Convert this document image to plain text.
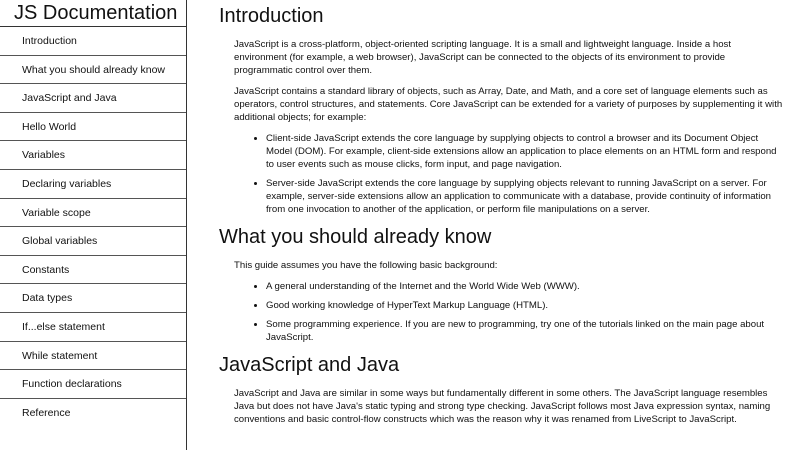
JS Documentation
Introduction
What you should already know
JavaScript and Java
Hello World
Variables
Declaring variables
Variable scope
Global variables
Constants
Data types
If...else statement
While statement
Function declarations
Reference
Introduction

JavaScript is a cross-platform, object-oriented scripting language. It is a small and lightweight language. Inside a host environment (for example, a web browser), JavaScript can be connected to the objects of its environment to provide programmatic control over them.

JavaScript contains a standard library of objects, such as Array, Date, and Math, and a core set of language elements such as operators, control structures, and statements. Core JavaScript can be extended for a variety of purposes by supplementing it with additional objects; for example:

• Client-side JavaScript extends the core language by supplying objects to control a browser and its Document Object Model (DOM). For example, client-side extensions allow an application to place elements on an HTML form and respond to user events such as mouse clicks, form input, and page navigation.
• Server-side JavaScript extends the core language by supplying objects relevant to running JavaScript on a server. For example, server-side extensions allow an application to communicate with a database, provide continuity of information from one invocation to another of the application, or perform file manipulations on a server.
What you should already know

This guide assumes you have the following basic background:

• A general understanding of the Internet and the World Wide Web (WWW).
• Good working knowledge of HyperText Markup Language (HTML).
• Some programming experience. If you are new to programming, try one of the tutorials linked on the main page about JavaScript.
JavaScript and Java

JavaScript and Java are similar in some ways but fundamentally different in some others. The JavaScript language resembles Java but does not have Java's static typing and strong type checking. JavaScript follows most Java expression syntax, naming conventions and basic control-flow constructs which was the reason why it was renamed from LiveScript to JavaScript.
